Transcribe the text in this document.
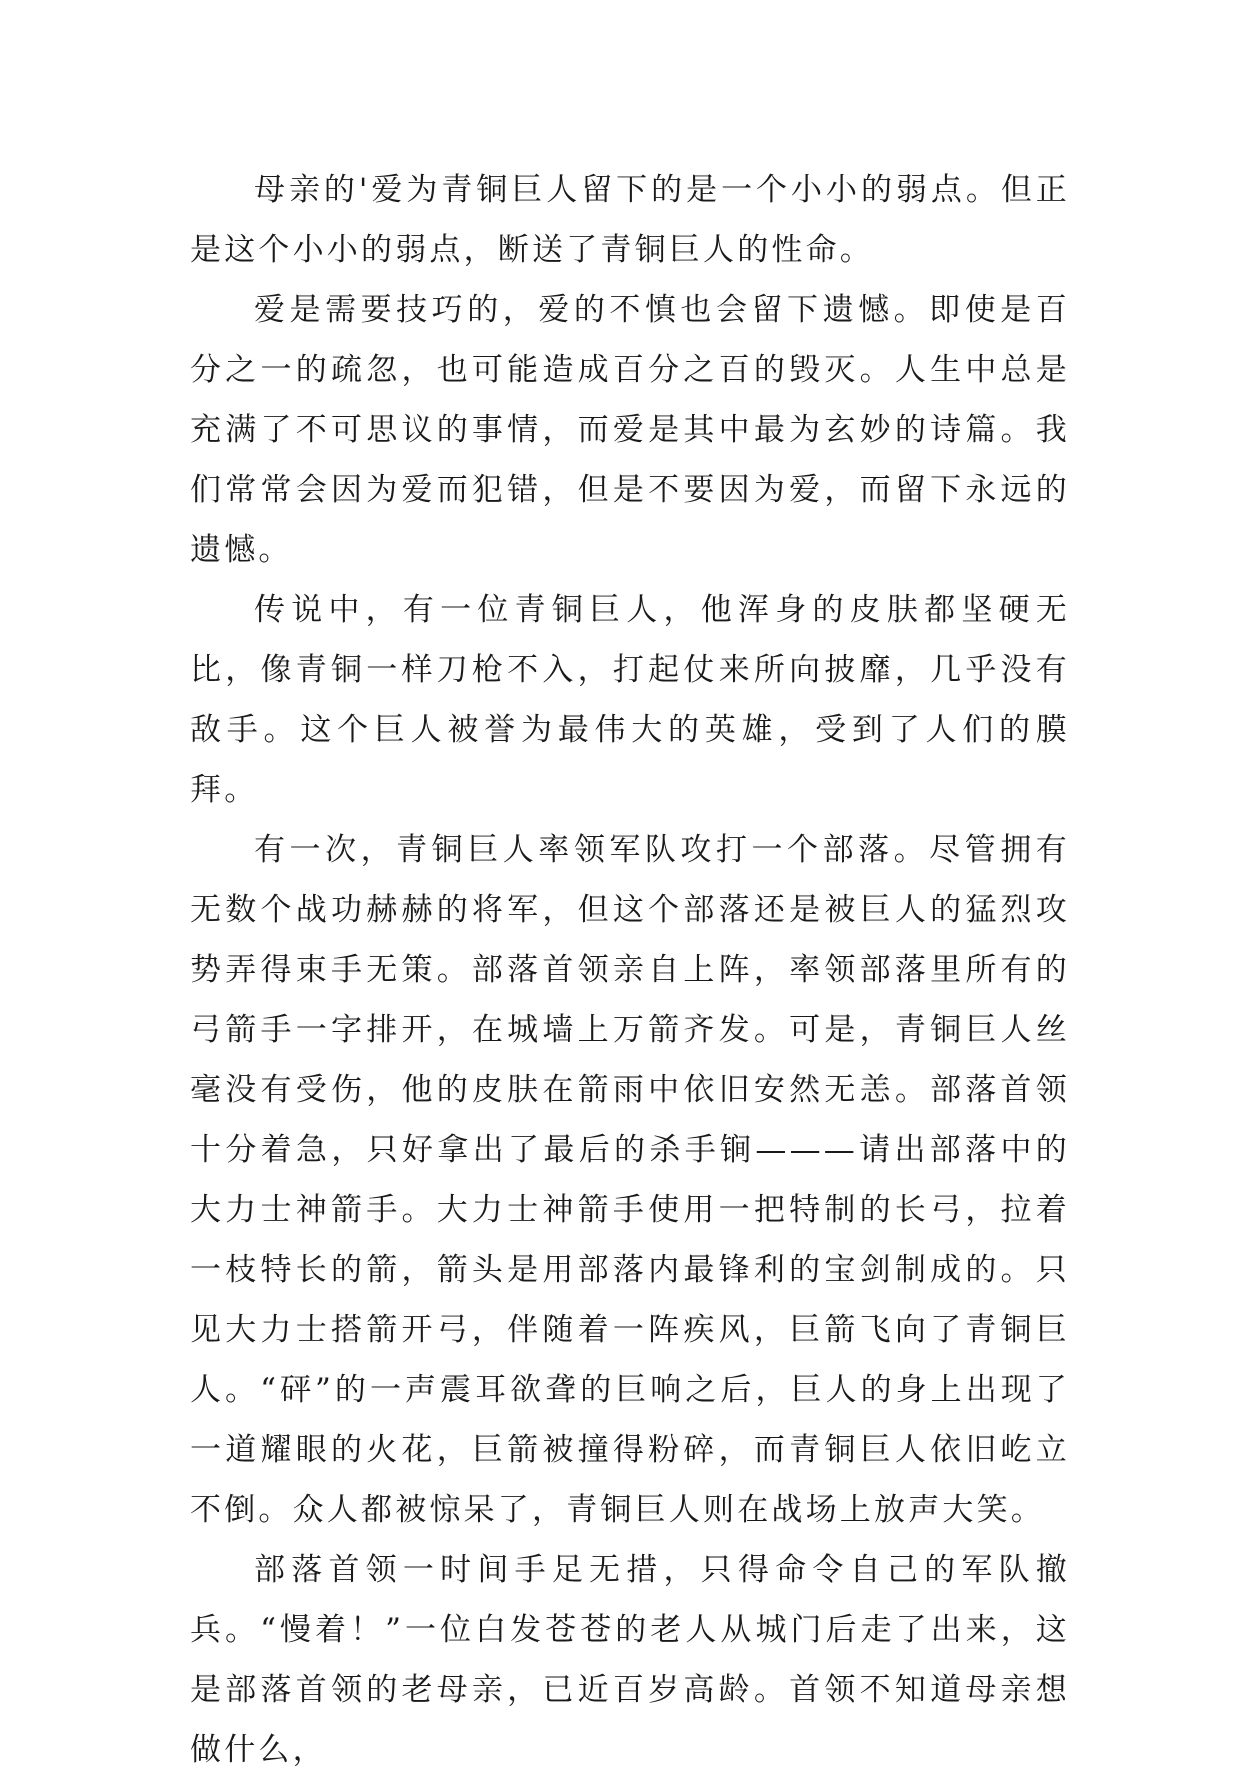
母亲的'爱为青铜巨人留下的是一个小小的弱点。但正是这个小小的弱点，断送了青铜巨人的性命。

爱是需要技巧的，爱的不慎也会留下遗憾。即使是百分之一的疏忽，也可能造成百分之百的毁灭。人生中总是充满了不可思议的事情，而爱是其中最为玄妙的诗篇。我们常常会因为爱而犯错，但是不要因为爱，而留下永远的遗憾。

传说中，有一位青铜巨人，他浑身的皮肤都坚硬无比，像青铜一样刀枪不入，打起仗来所向披靡，几乎没有敌手。这个巨人被誉为最伟大的英雄，受到了人们的膜拜。

有一次，青铜巨人率领军队攻打一个部落。尽管拥有无数个战功赫赫的将军，但这个部落还是被巨人的猛烈攻势弄得束手无策。部落首领亲自上阵，率领部落里所有的弓箭手一字排开，在城墙上万箭齐发。可是，青铜巨人丝毫没有受伤，他的皮肤在箭雨中依旧安然无恙。部落首领十分着急，只好拿出了最后的杀手锏———请出部落中的大力士神箭手。大力士神箭手使用一把特制的长弓，拉着一枝特长的箭，箭头是用部落内最锋利的宝剑制成的。只见大力士搭箭开弓，伴随着一阵疾风，巨箭飞向了青铜巨人。“砰”的一声震耳欲聋的巨响之后，巨人的身上出现了一道耀眼的火花，巨箭被撞得粉碎，而青铜巨人依旧屹立不倒。众人都被惊呆了，青铜巨人则在战场上放声大笑。

部落首领一时间手足无措，只得命令自己的军队撤兵。“慢着！”一位白发苍苍的老人从城门后走了出来，这是部落首领的老母亲，已近百岁高龄。首领不知道母亲想做什么，
